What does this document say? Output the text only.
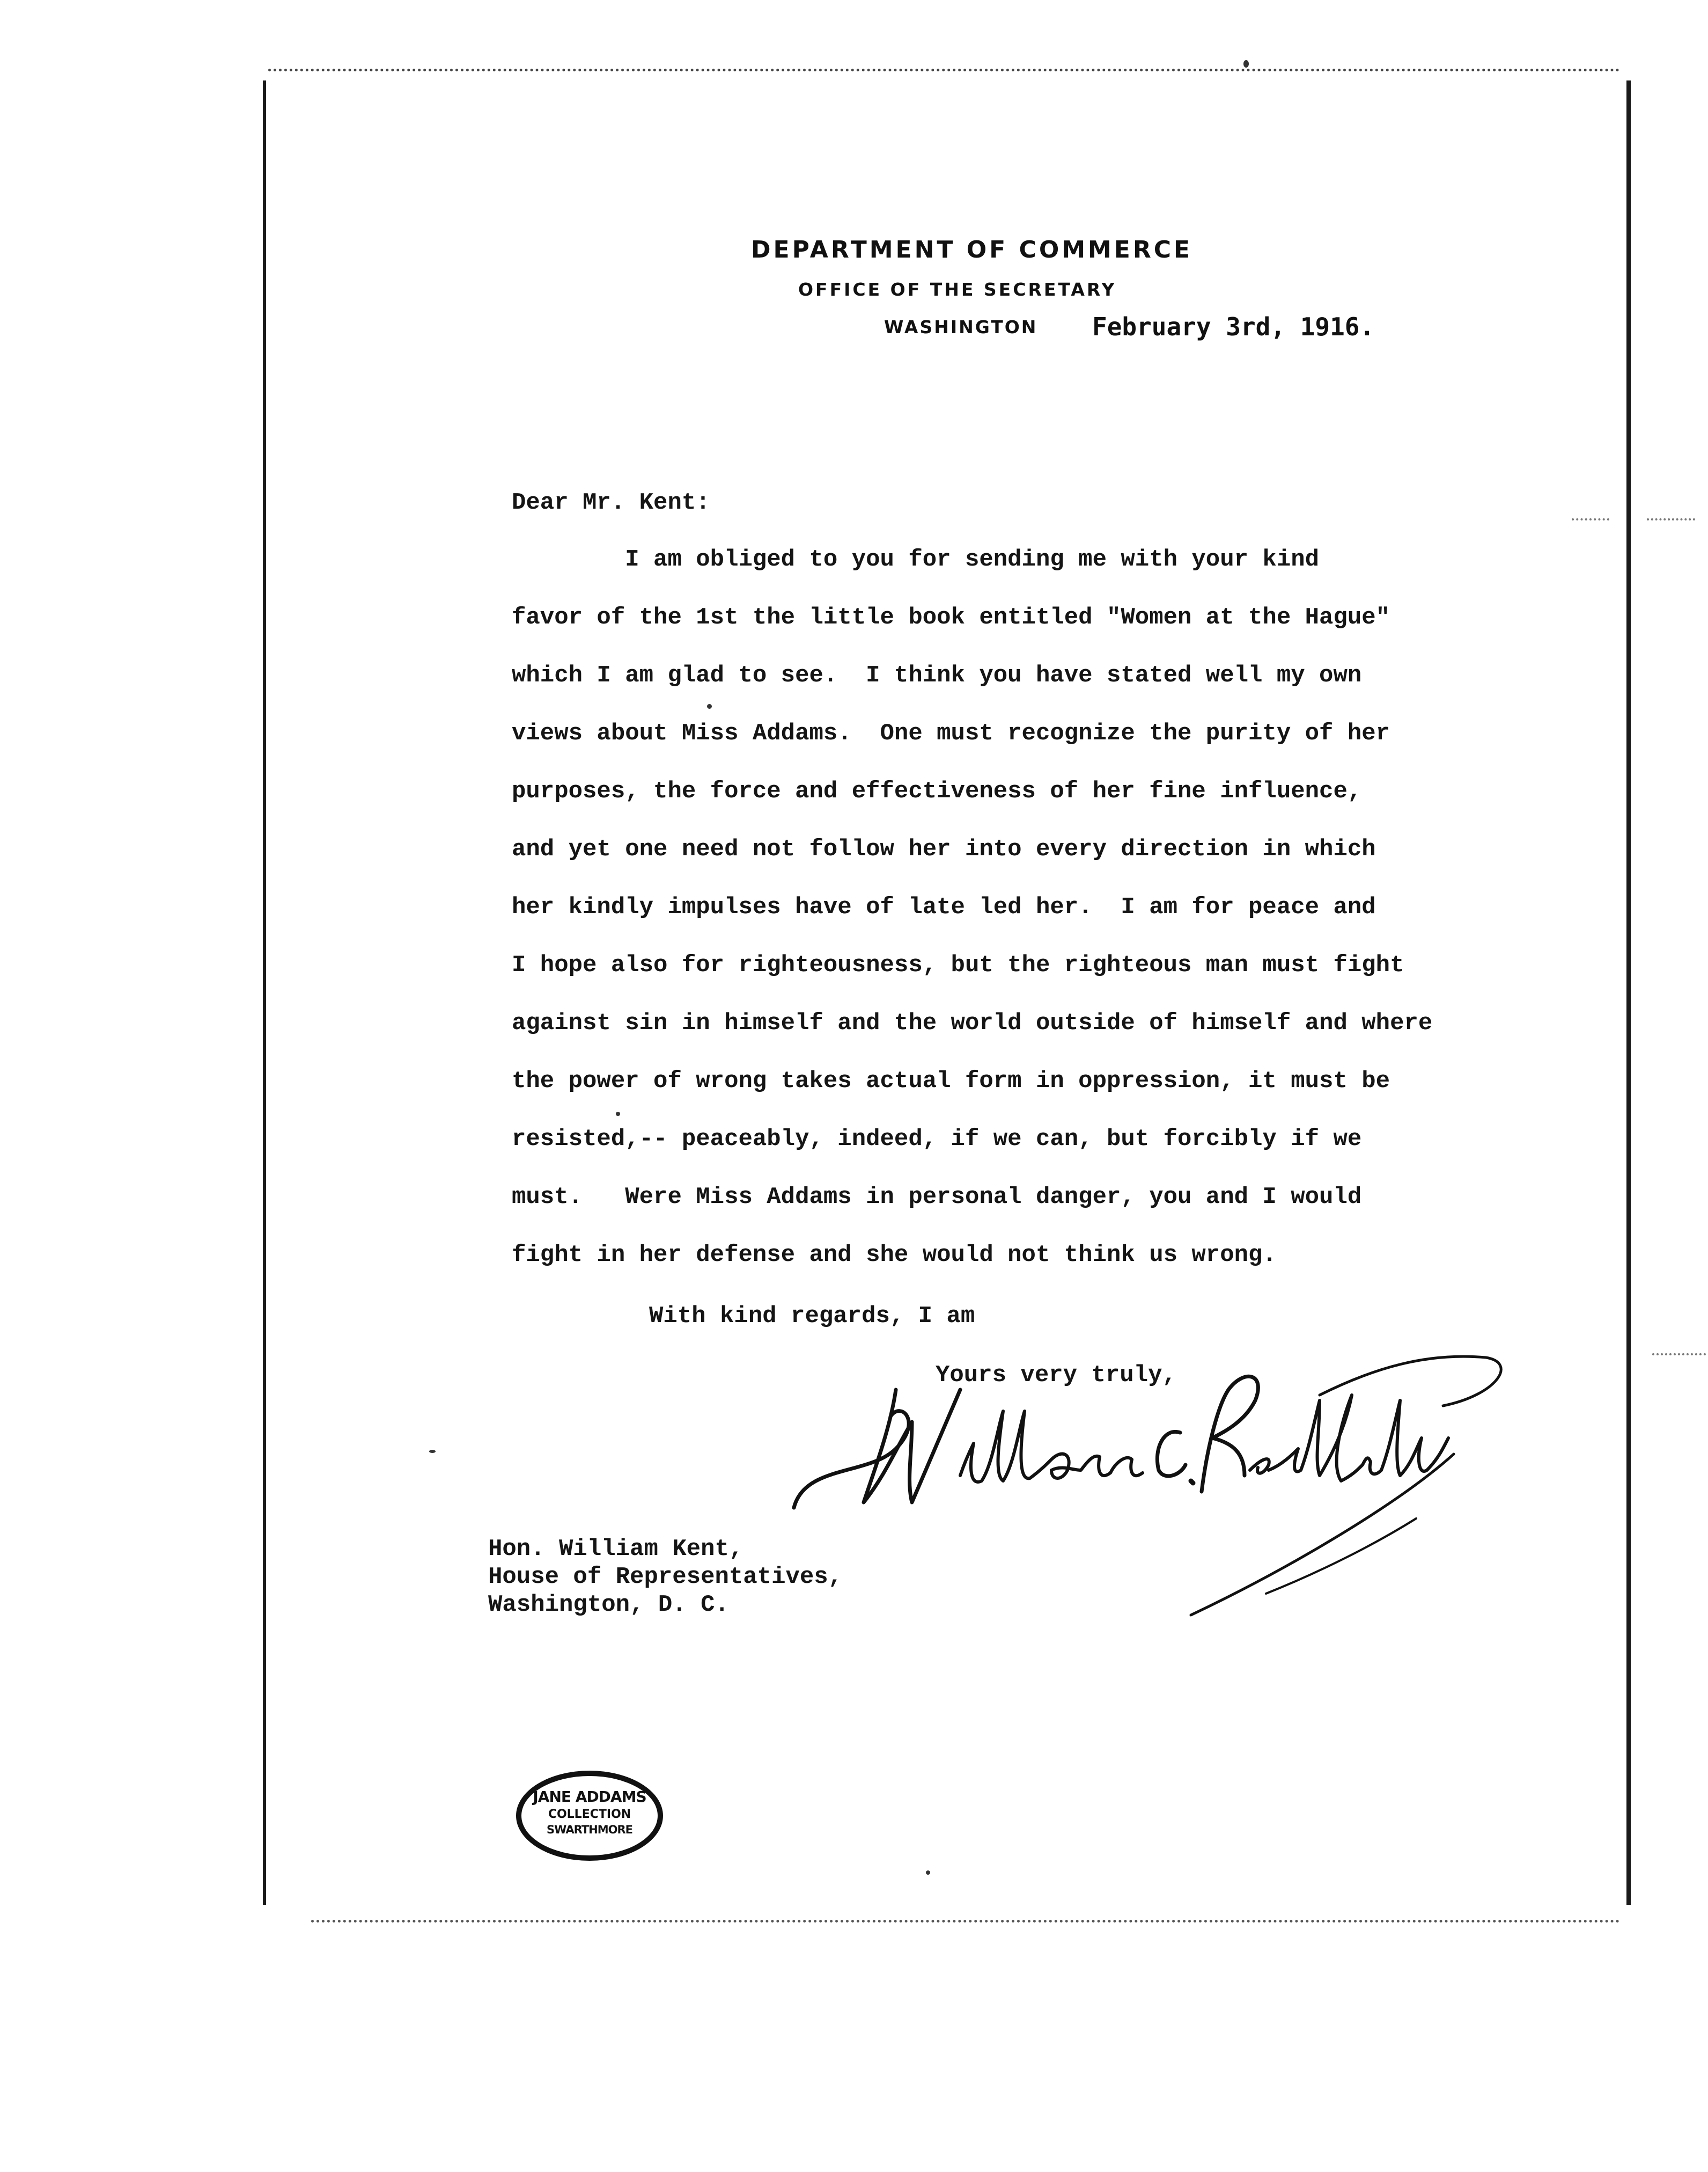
DEPARTMENT OF COMMERCE
OFFICE OF THE SECRETARY
WASHINGTON February 3rd, 1916.
Dear Mr. Kent:
I am obliged to you for sending me with your kind
favor of the 1st the little book entitled "Women at the Hague"
which I am glad to see.  I think you have stated well my own
views about Miss Addams.  One must recognize the purity of her
purposes, the force and effectiveness of her fine influence,
and yet one need not follow her into every direction in which
her kindly impulses have of late led her.  I am for peace and
I hope also for righteousness, but the righteous man must fight
against sin in himself and the world outside of himself and where
the power of wrong takes actual form in oppression, it must be
resisted,-- peaceably, indeed, if we can, but forcibly if we
must.   Were Miss Addams in personal danger, you and I would
fight in her defense and she would not think us wrong.
With kind regards, I am
Yours very truly,
Hon. William Kent,
House of Representatives,
Washington, D. C.
JANE ADDAMS
COLLECTION
SWARTHMORE
